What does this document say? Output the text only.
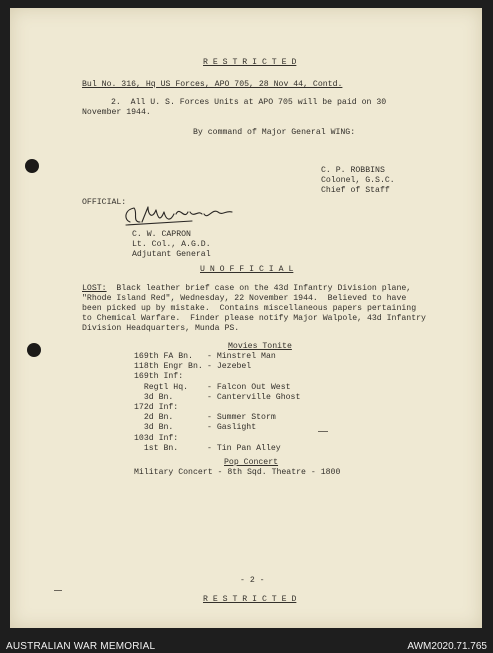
R E S T R I C T E D
Bul No. 316, Hq US Forces, APO 705, 28 Nov 44, Contd.
2.  All U. S. Forces Units at APO 705 will be paid on 30
November 1944.
By command of Major General WING:
C. P. ROBBINS
Colonel, G.S.C.
Chief of Staff
OFFICIAL:
C. W. CAPRON
Lt. Col., A.G.D.
Adjutant General
U N O F F I C I A L
LOST:  Black leather brief case on the 43d Infantry Division plane,
"Rhode Island Red", Wednesday, 22 November 1944.  Believed to have
been picked up by mistake.  Contains miscellaneous papers pertaining
to Chemical Warfare.  Finder please notify Major Walpole, 43d Infantry
Division Headquarters, Munda PS.
Movies Tonite
169th FA Bn. - Minstrel Man
118th Engr Bn. - Jezebel
169th Inf:
Regtl Hq. - Falcon Out West
3d Bn.	- Canterville Ghost
172d Inf:
2d Bn.	- Summer Storm
3d Bn.	- Gaslight
103d Inf:
1st Bn.	- Tin Pan Alley
Pop Concert
Military Concert - 8th Sqd. Theatre - 1800
- 2 -
R E S T R I C T E D
AUSTRALIAN WAR MEMORIAL	AWM2020.71.765
